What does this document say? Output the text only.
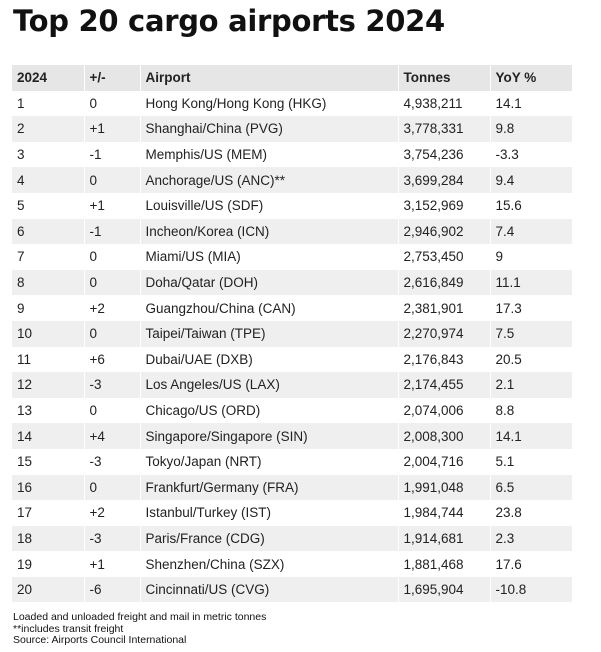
Top 20 cargo airports 2024
2024	+/-	Airport	Tonnes	YoY %
1	0	Hong Kong/Hong Kong (HKG)	4,938,211	14.1
2	+1	Shanghai/China (PVG)	3,778,331	9.8
3	-1	Memphis/US (MEM)	3,754,236	-3.3
4	0	Anchorage/US (ANC)**	3,699,284	9.4
5	+1	Louisville/US (SDF)	3,152,969	15.6
6	-1	Incheon/Korea (ICN)	2,946,902	7.4
7	0	Miami/US (MIA)	2,753,450	9
8	0	Doha/Qatar (DOH)	2,616,849	11.1
9	+2	Guangzhou/China (CAN)	2,381,901	17.3
10	0	Taipei/Taiwan (TPE)	2,270,974	7.5
11	+6	Dubai/UAE (DXB)	2,176,843	20.5
12	-3	Los Angeles/US (LAX)	2,174,455	2.1
13	0	Chicago/US (ORD)	2,074,006	8.8
14	+4	Singapore/Singapore (SIN)	2,008,300	14.1
15	-3	Tokyo/Japan (NRT)	2,004,716	5.1
16	0	Frankfurt/Germany (FRA)	1,991,048	6.5
17	+2	Istanbul/Turkey (IST)	1,984,744	23.8
18	-3	Paris/France (CDG)	1,914,681	2.3
19	+1	Shenzhen/China (SZX)	1,881,468	17.6
20	-6	Cincinnati/US (CVG)	1,695,904	-10.8
Loaded and unloaded freight and mail in metric tonnes
**includes transit freight
Source: Airports Council International
